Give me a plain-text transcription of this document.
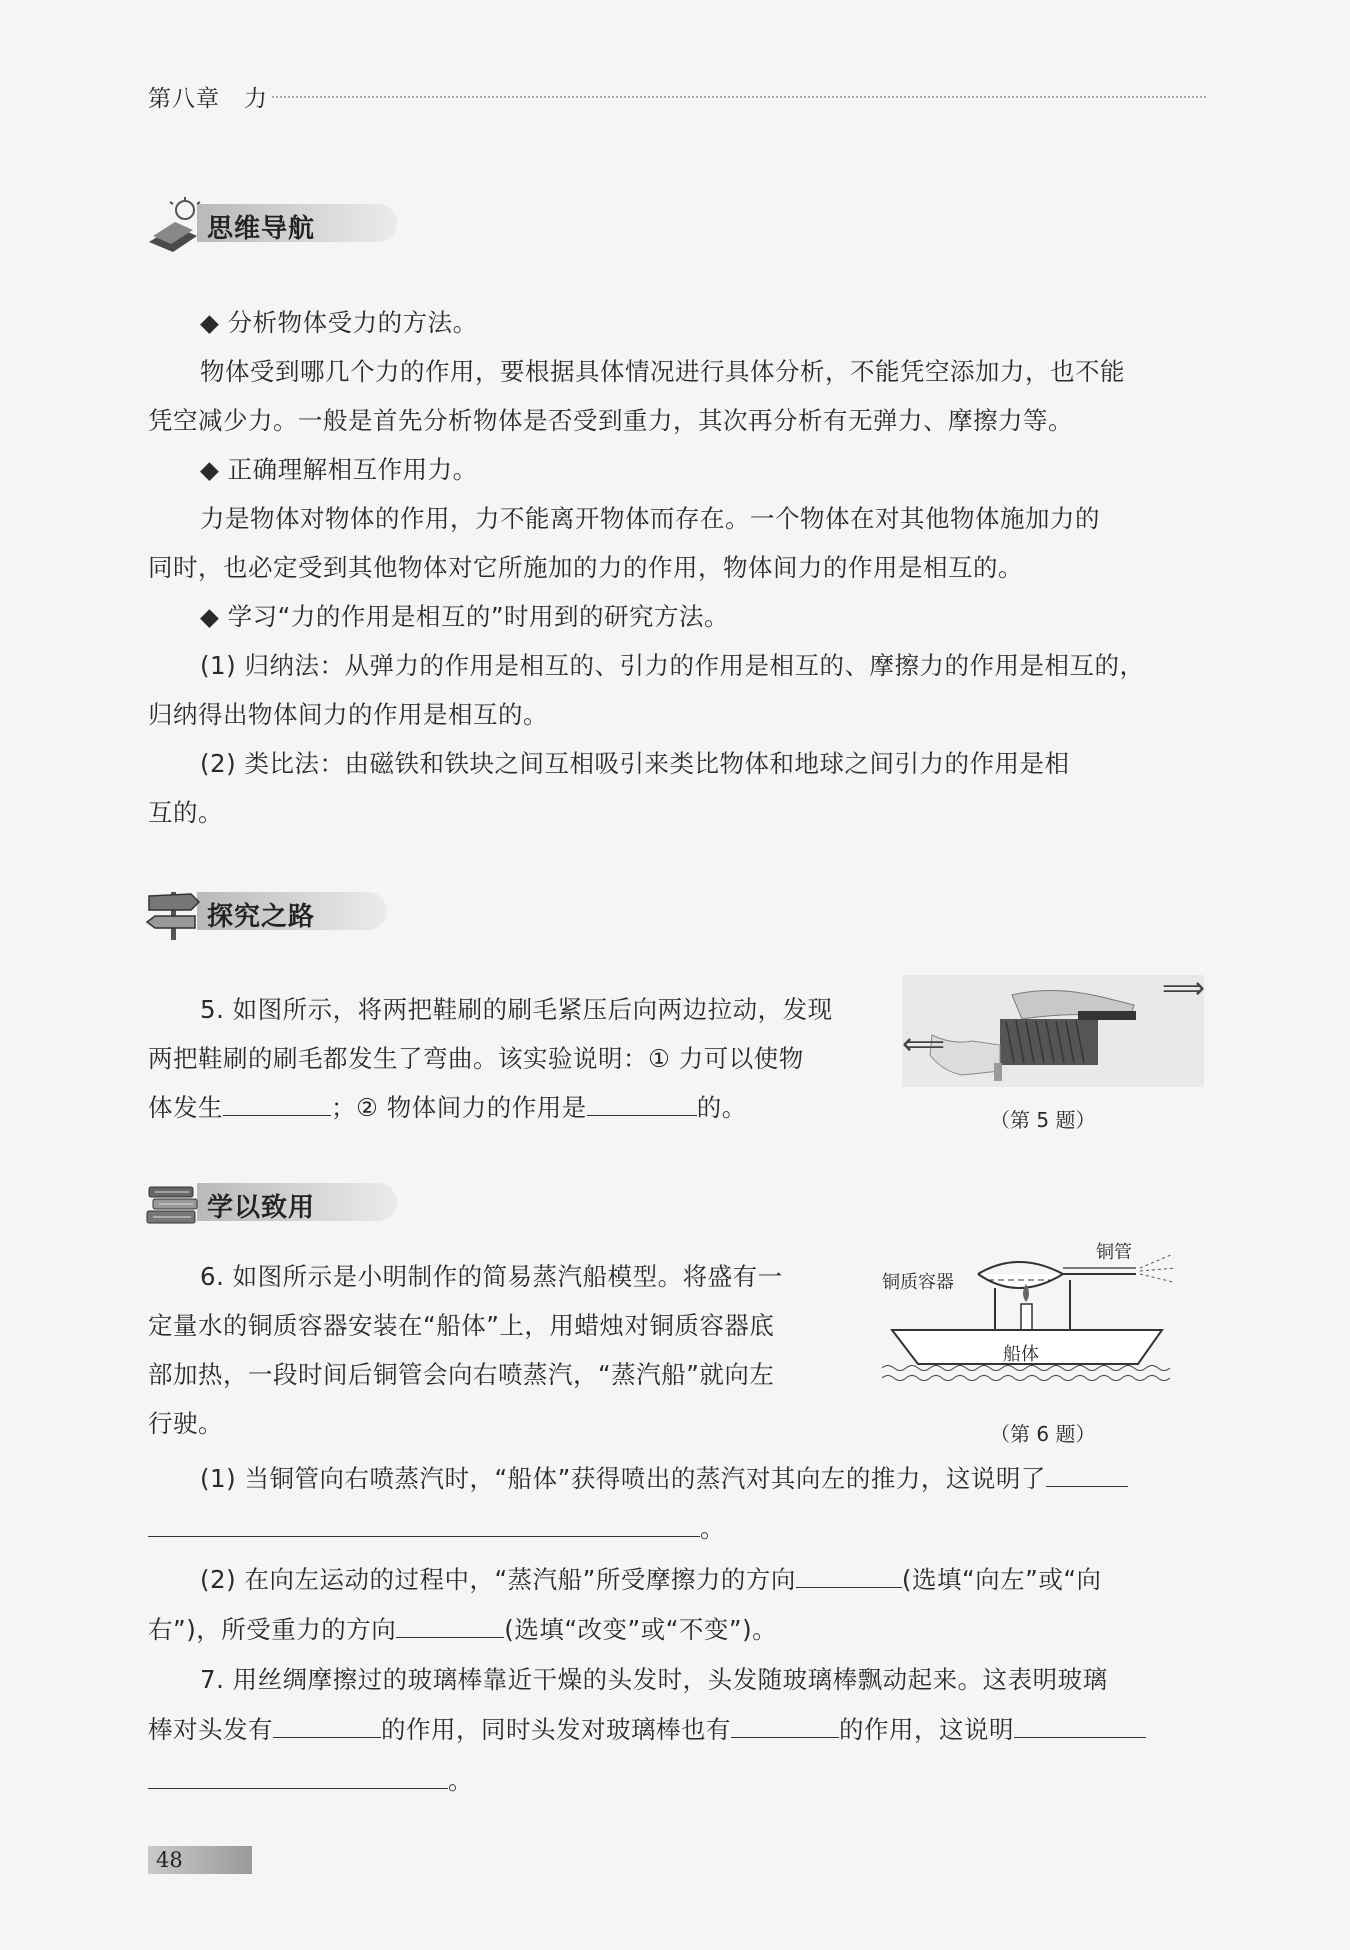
第八章　力
思维导航
◆ 分析物体受力的方法。
物体受到哪几个力的作用，要根据具体情况进行具体分析，不能凭空添加力，也不能
凭空减少力。一般是首先分析物体是否受到重力，其次再分析有无弹力、摩擦力等。
◆ 正确理解相互作用力。
力是物体对物体的作用，力不能离开物体而存在。一个物体在对其他物体施加力的
同时，也必定受到其他物体对它所施加的力的作用，物体间力的作用是相互的。
◆ 学习“力的作用是相互的”时用到的研究方法。
(1) 归纳法：从弹力的作用是相互的、引力的作用是相互的、摩擦力的作用是相互的，
归纳得出物体间力的作用是相互的。
(2) 类比法：由磁铁和铁块之间互相吸引来类比物体和地球之间引力的作用是相
互的。
探究之路
5. 如图所示，将两把鞋刷的刷毛紧压后向两边拉动，发现
两把鞋刷的刷毛都发生了弯曲。该实验说明：① 力可以使物
体发生	；② 物体间力的作用是	的。
⟹
⟸
（第 5 题）
学以致用
6. 如图所示是小明制作的简易蒸汽船模型。将盛有一
定量水的铜质容器安装在“船体”上，用蜡烛对铜质容器底
部加热，一段时间后铜管会向右喷蒸汽，“蒸汽船”就向左
行驶。
铜管
铜质容器
船体
（第 6 题）
(1) 当铜管向右喷蒸汽时，“船体”获得喷出的蒸汽对其向左的推力，这说明了
。
(2) 在向左运动的过程中，“蒸汽船”所受摩擦力的方向	(选填“向左”或“向
右”)，所受重力的方向	(选填“改变”或“不变”)。
7. 用丝绸摩擦过的玻璃棒靠近干燥的头发时，头发随玻璃棒飘动起来。这表明玻璃
棒对头发有	的作用，同时头发对玻璃棒也有	的作用，这说明
。
48
